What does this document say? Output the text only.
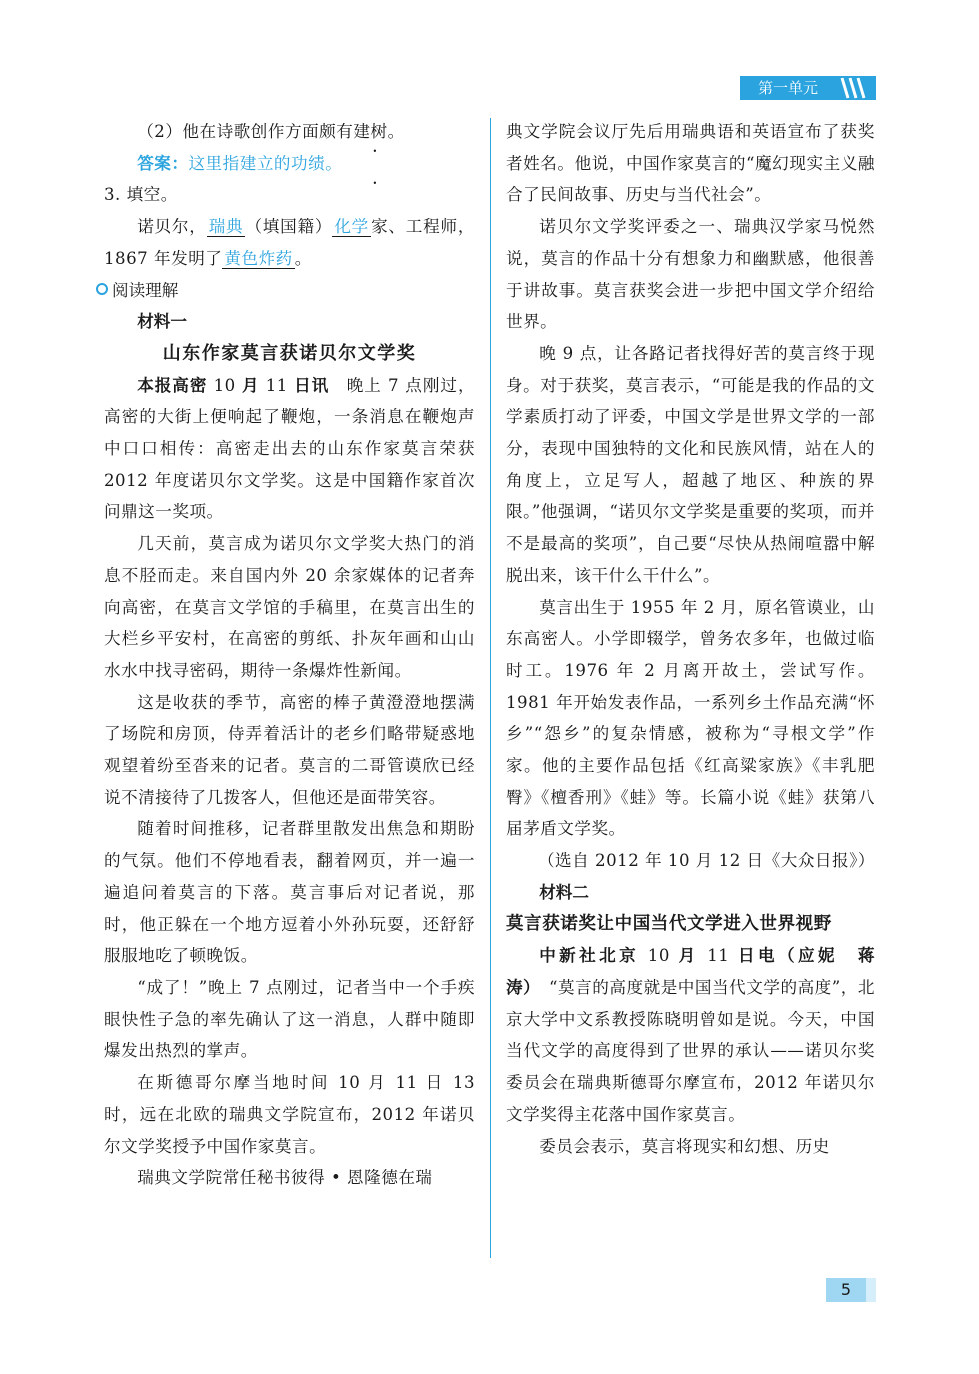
第一单元

（2）他在诗歌创作方面颇有建树 • •。

答案：这里指建立的功绩。

3. 填空。

诺贝尔， 瑞典 （填国籍） 化学 家、工程师，1867 年发明了 黄色炸药 。

阅读理解
材料一
山东作家莫言获诺贝尔文学奖

本报高密 10 月 11 日讯　晚上 7 点刚过，高密的大街上便响起了鞭炮，一条消息在鞭炮声中口口相传：高密走出去的山东作家莫言荣获 2012 年度诺贝尔文学奖。这是中国籍作家首次问鼎这一奖项。

几天前，莫言成为诺贝尔文学奖大热门的消息不胫而走。来自国内外 20 余家媒体的记者奔向高密，在莫言文学馆的手稿里，在莫言出生的大栏乡平安村，在高密的剪纸、扑灰年画和山山水水中找寻密码，期待一条爆炸性新闻。

这是收获的季节，高密的棒子黄澄澄地摆满了场院和房顶，侍弄着活计的老乡们略带疑惑地观望着纷至沓来的记者。莫言的二哥管谟欣已经说不清接待了几拨客人，但他还是面带笑容。

随着时间推移，记者群里散发出焦急和期盼的气氛。他们不停地看表，翻着网页，并一遍一遍追问着莫言的下落。莫言事后对记者说，那时，他正躲在一个地方逗着小外孙玩耍，还舒舒服服地吃了顿晚饭。

“成了！”晚上 7 点刚过，记者当中一个手疾眼快性子急的率先确认了这一消息，人群中随即爆发出热烈的掌声。

在斯德哥尔摩当地时间 10 月 11 日 13 时，远在北欧的瑞典文学院宣布，2012 年诺贝尔文学奖授予中国作家莫言。

瑞典文学院常任秘书彼得 • 恩隆德在瑞

典文学院会议厅先后用瑞典语和英语宣布了获奖者姓名。他说，中国作家莫言的“魔幻现实主义融合了民间故事、历史与当代社会”。

诺贝尔文学奖评委之一、瑞典汉学家马悦然说，莫言的作品十分有想象力和幽默感，他很善于讲故事。莫言获奖会进一步把中国文学介绍给世界。

晚 9 点，让各路记者找得好苦的莫言终于现身。对于获奖，莫言表示，“可能是我的作品的文学素质打动了评委，中国文学是世界文学的一部分，表现中国独特的文化和民族风情，站在人的角度上，立足写人，超越了地区、种族的界限。”他强调，“诺贝尔文学奖是重要的奖项，而并不是最高的奖项”，自己要“尽快从热闹喧嚣中解脱出来，该干什么干什么”。

莫言出生于 1955 年 2 月，原名管谟业，山东高密人。小学即辍学，曾务农多年，也做过临时工。1976 年 2 月离开故土，尝试写作。1981 年开始发表作品，一系列乡土作品充满“怀乡”“怨乡”的复杂情感，被称为“寻根文学”作家。他的主要作品包括《红高粱家族》《丰乳肥臀》《檀香刑》《蛙》等。长篇小说《蛙》获第八届茅盾文学奖。

（选自 2012 年 10 月 12 日《大众日报》）

材料二
莫言获诺奖让中国当代文学进入世界视野

中新社北京 10 月 11 日电（应妮　蒋涛）　“莫言的高度就是中国当代文学的高度”，北京大学中文系教授陈晓明曾如是说。今天，中国当代文学的高度得到了世界的承认——诺贝尔奖委员会在瑞典斯德哥尔摩宣布，2012 年诺贝尔文学奖得主花落中国作家莫言。

委员会表示，莫言将现实和幻想、历史

5
